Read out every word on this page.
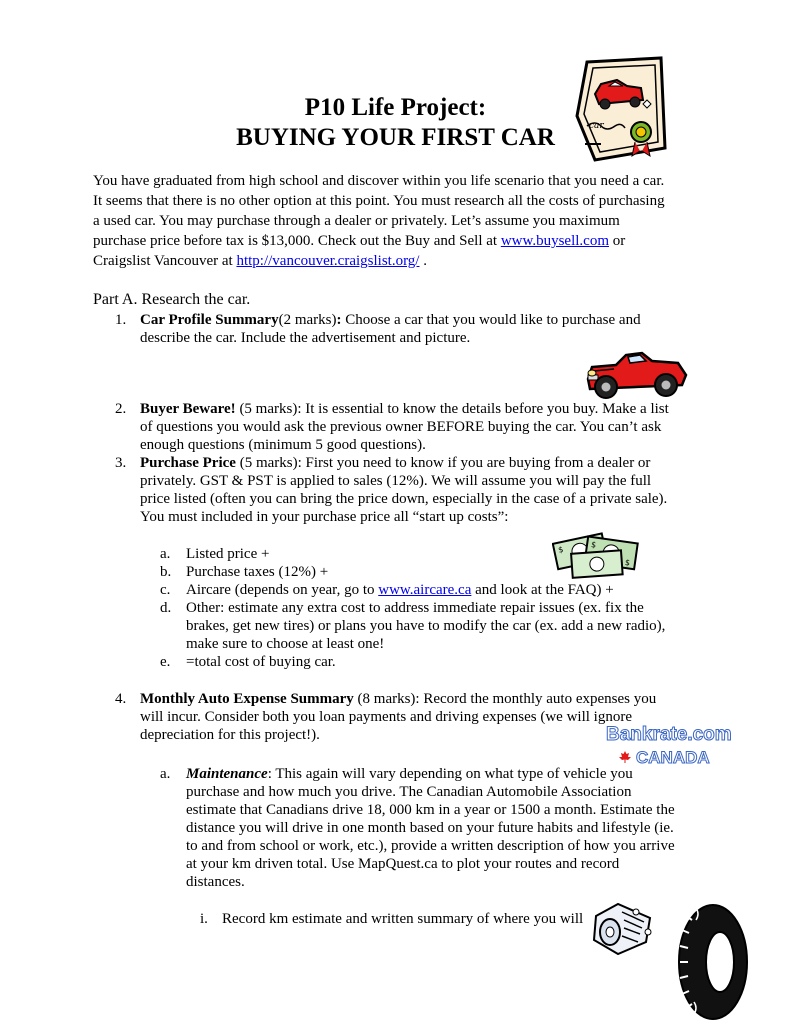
P10 Life Project:
BUYING YOUR FIRST CAR	car
You have graduated from high school and discover within you life scenario that you need a car.
It seems that there is no other option at this point. You must research all the costs of purchasing
a used car. You may purchase through a dealer or privately. Let’s assume you maximum
purchase price before tax is $13,000. Check out the Buy and Sell at www.buysell.com or
Craigslist Vancouver at http://vancouver.craigslist.org/ .
Part A. Research the car.
1. Car Profile Summary(2 marks): Choose a car that you would like to purchase and
describe the car. Include the advertisement and picture.
2. Buyer Beware! (5 marks): It is essential to know the details before you buy. Make a list
of questions you would ask the previous owner BEFORE buying the car. You can’t ask
enough questions (minimum 5 good questions).
3. Purchase Price (5 marks): First you need to know if you are buying from a dealer or
privately. GST & PST is applied to sales (12%). We will assume you will pay the full
price listed (often you can bring the price down, especially in the case of a private sale).
You must included in your purchase price all “start up costs”:
$	$
$
a. Listed price +
b. Purchase taxes (12%) +
c. Aircare (depends on year, go to www.aircare.ca and look at the FAQ) +
d. Other: estimate any extra cost to address immediate repair issues (ex. fix the
brakes, get new tires) or plans you have to modify the car (ex. add a new radio),
make sure to choose at least one!
e. =total cost of buying car.
4. Monthly Auto Expense Summary (8 marks): Record the monthly auto expenses you
will incur. Consider both you loan payments and driving expenses (we will ignore
depreciation for this project!).	Bankrate.com
CANADA
a. Maintenance: This again will vary depending on what type of vehicle you
purchase and how much you drive. The Canadian Automobile Association
estimate that Canadians drive 18, 000 km in a year or 1500 a month. Estimate the
distance you will drive in one month based on your future habits and lifestyle (ie.
to and from school or work, etc.), provide a written description of how you arrive
at your km driven total. Use MapQuest.ca to plot your routes and record
distances.
i. Record km estimate and written summary of where you will
